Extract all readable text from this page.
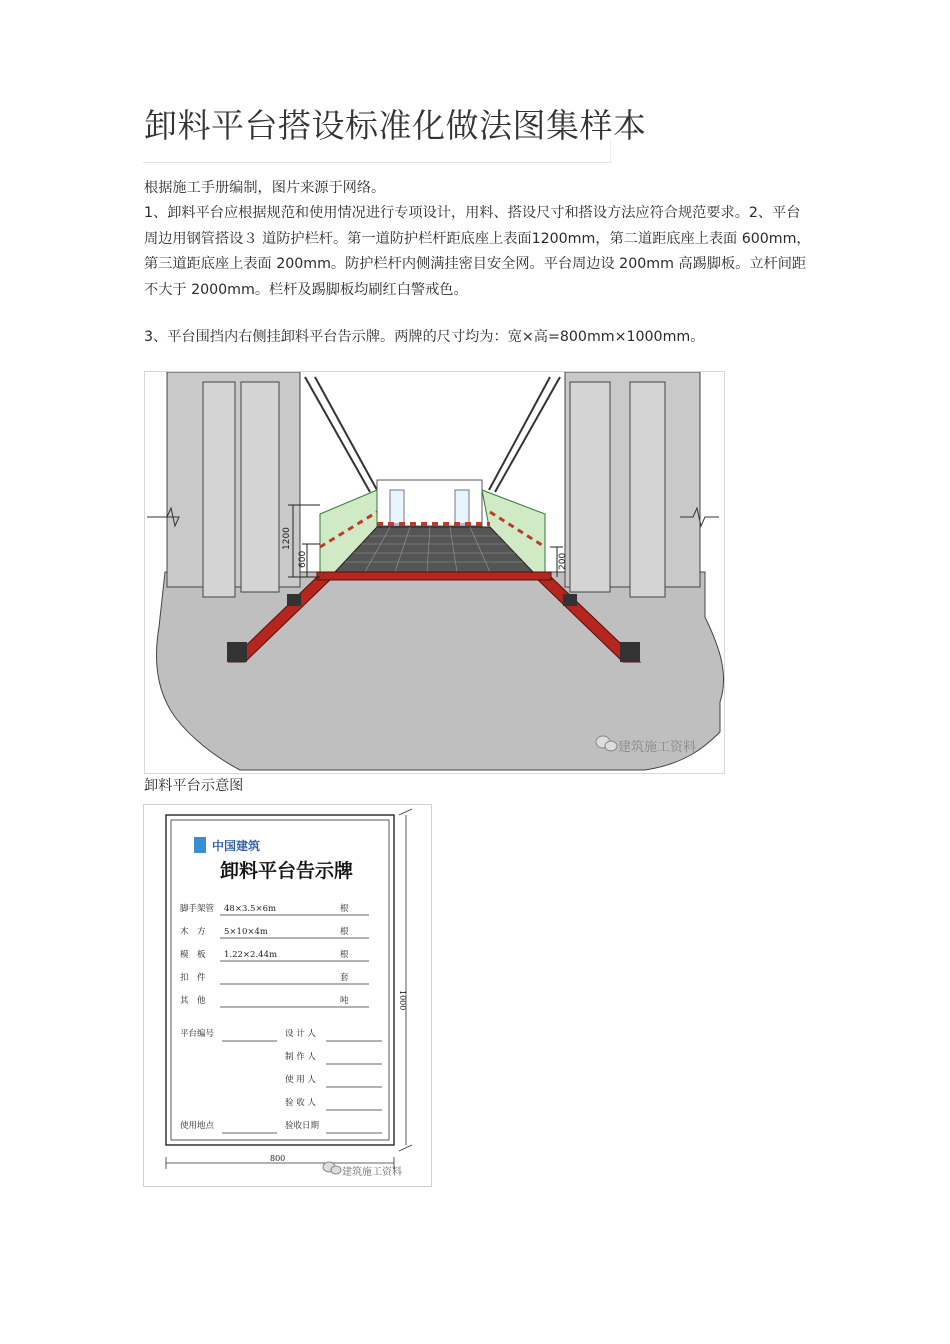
卸料平台搭设标准化做法图集样本

根据施工手册编制，图片来源于网络。

1、卸料平台应根据规范和使用情况进行专项设计，用料、搭设尺寸和搭设方法应符合规范要求。2、平台周边用钢管搭设３ 道防护栏杆。第一道防护栏杆距底座上表面1200mm，第二道距底座上表面 600mm，第三道距底座上表面 200mm。防护栏杆内侧满挂密目安全网。平台周边设 200mm 高踢脚板。立杆间距不大于 2000mm。栏杆及踢脚板均刷红白警戒色。

3、平台围挡内右侧挂卸料平台告示牌。两牌的尺寸均为：宽×高=800mm×1000mm。

1200
600	200
建筑施工资料

卸料平台示意图

中国建筑
卸料平台告示牌
脚手架管 48×3.5×6m	根
木　方 5×10×4m	根
模　板 1.22×2.44m	根
扣　件	套
其　他	吨
平台编号	设 计 人
制 作 人
使 用 人
验 收 人
使用地点	验收日期
1000
800
建筑施工资料
